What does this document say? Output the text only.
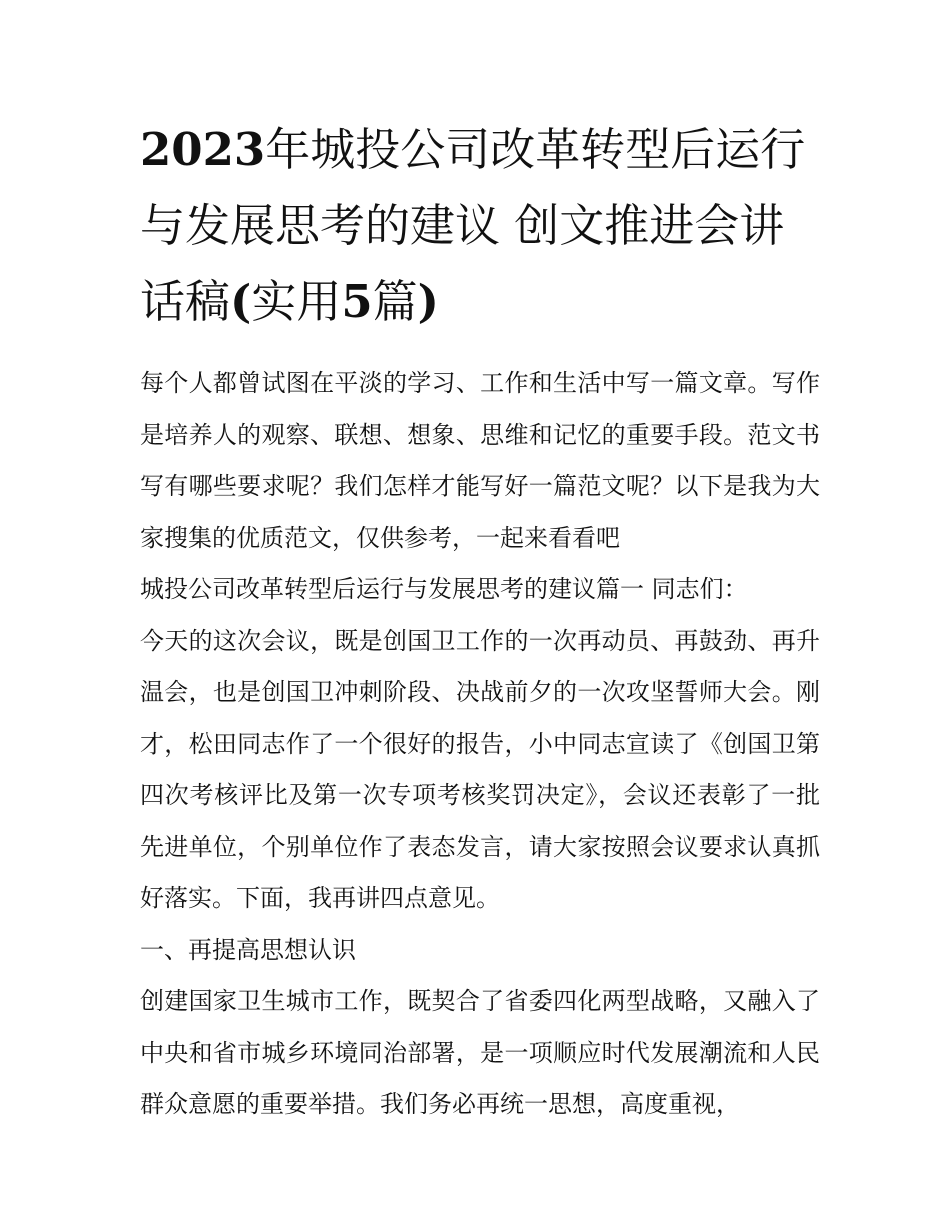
2023年城投公司改革转型后运行与发展思考的建议 创文推进会讲话稿(实用5篇)

每个人都曾试图在平淡的学习、工作和生活中写一篇文章。写作是培养人的观察、联想、想象、思维和记忆的重要手段。范文书写有哪些要求呢？我们怎样才能写好一篇范文呢？以下是我为大家搜集的优质范文，仅供参考，一起来看看吧

城投公司改革转型后运行与发展思考的建议篇一 同志们：

今天的这次会议，既是创国卫工作的一次再动员、再鼓劲、再升温会，也是创国卫冲刺阶段、决战前夕的一次攻坚誓师大会。刚才，松田同志作了一个很好的报告，小中同志宣读了《创国卫第四次考核评比及第一次专项考核奖罚决定》，会议还表彰了一批先进单位，个别单位作了表态发言，请大家按照会议要求认真抓好落实。下面，我再讲四点意见。

一、再提高思想认识

创建国家卫生城市工作，既契合了省委四化两型战略，又融入了中央和省市城乡环境同治部署，是一项顺应时代发展潮流和人民群众意愿的重要举措。我们务必再统一思想，高度重视，
